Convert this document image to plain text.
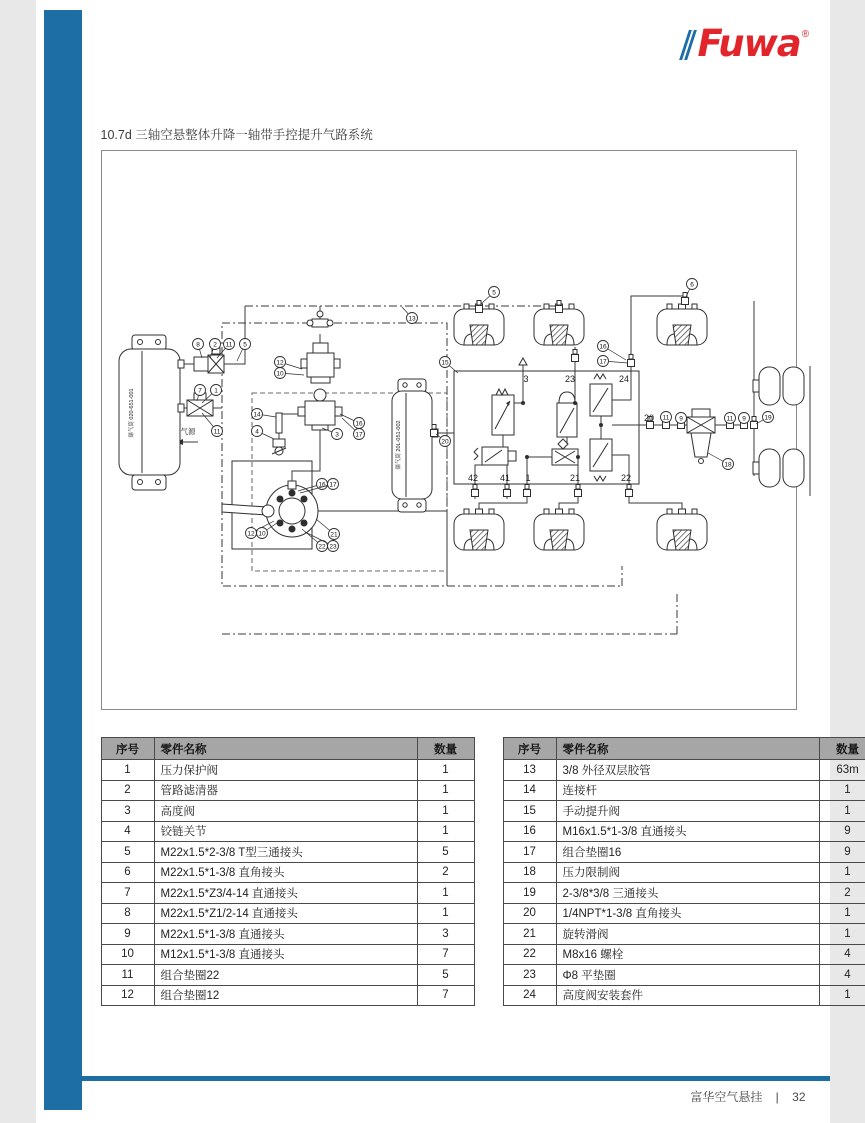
Fuwa ®
10.7d 三轴空悬整体升降一轴带手控提升气路系统
储气筒 020-651-001	气源	储气筒 20L-051-002
3	23	24
20
42 41 1	21	22
8 2 11 5
7 1
11
12
10
14
4	3
16
17
16 17
12 10	21
22 23
13
5
6
15
16
17
20
11 9	11 9	19
18
序号	零件名称	数量
1	压力保护阀	1
2	管路滤清器	1
3	高度阀	1
4	铰链关节	1
5	M22x1.5*2-3/8 T型三通接头	5
6	M22x1.5*1-3/8 直角接头	2
7	M22x1.5*Z3/4-14 直通接头	1
8	M22x1.5*Z1/2-14 直通接头	1
9	M22x1.5*1-3/8 直通接头	3
10	M12x1.5*1-3/8 直通接头	7
11	组合垫圈22	5
12	组合垫圈12	7
序号	零件名称	数量
13	3/8 外径双层胶管	63m
14	连接杆	1
15	手动提升阀	1
16	M16x1.5*1-3/8 直通接头	9
17	组合垫圈16	9
18	压力限制阀	1
19	2-3/8*3/8 三通接头	2
20	1/4NPT*1-3/8 直角接头	1
21	旋转滑阀	1
22	M8x16 螺栓	4
23	Φ8 平垫圈	4
24	高度阀安装套件	1
富华空气悬挂 | 32
